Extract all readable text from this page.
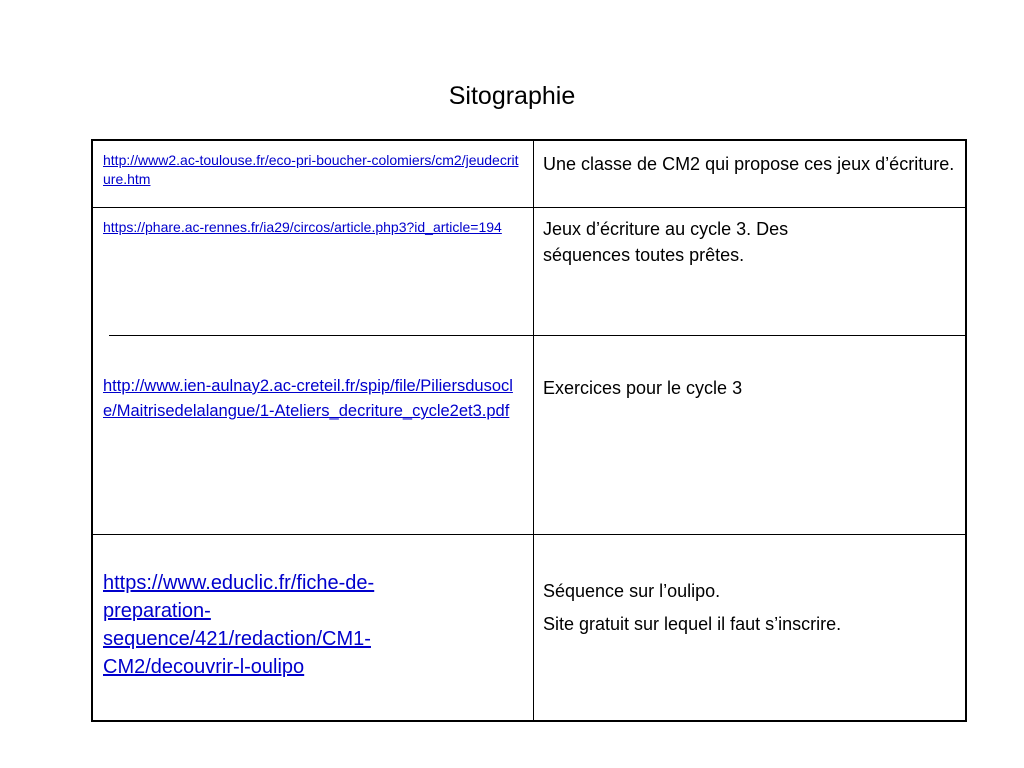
Sitographie
http://www2.ac-toulouse.fr/eco-pri-boucher-colomiers/cm2/jeudecriture.htm

Une classe de CM2 qui propose ces jeux d’écriture.

https://phare.ac-rennes.fr/ia29/circos/article.php3?id_article=194	Jeux d’écriture au cycle 3. Des séquences toutes prêtes.

http://www.ien-aulnay2.ac-creteil.fr/spip/file/Piliersdusocle/Maitrisedelalangue/1-Ateliers_decriture_cycle2et3.pdf

Exercices pour le cycle 3

https://www.educlic.fr/fiche-de-preparation-sequence/421/redaction/CM1-CM2/decouvrir-l-oulipo

Séquence sur l’oulipo.

Site gratuit sur lequel il faut s’inscrire.
